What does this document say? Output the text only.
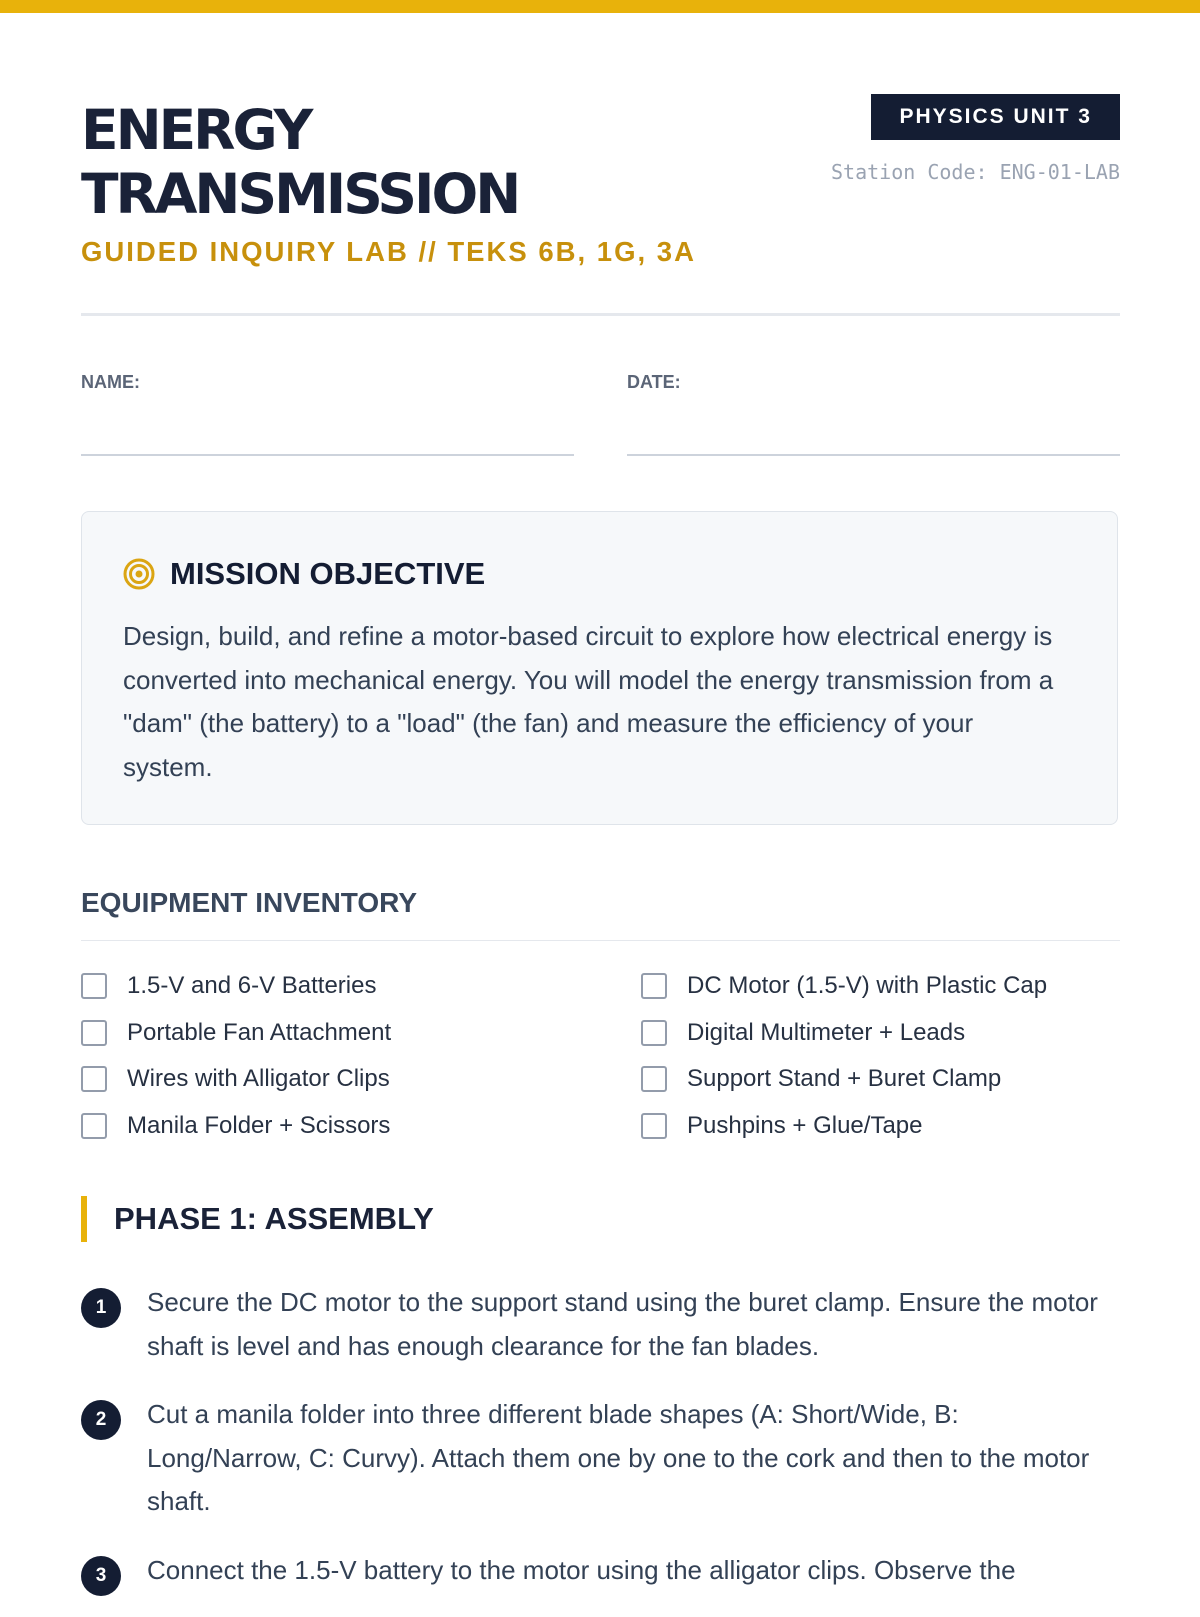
ENERGY
TRANSMISSION
GUIDED INQUIRY LAB // TEKS 6B, 1G, 3A
PHYSICS UNIT 3
Station Code: ENG-01-LAB
NAME:	DATE:
MISSION OBJECTIVE

Design, build, and refine a motor-based circuit to explore how electrical energy is converted into mechanical energy. You will model the energy transmission from a "dam" (the battery) to a "load" (the fan) and measure the efficiency of your system.

EQUIPMENT INVENTORY
1.5-V and 6-V Batteries
Portable Fan Attachment
Wires with Alligator Clips
Manila Folder + Scissors
DC Motor (1.5-V) with Plastic Cap
Digital Multimeter + Leads
Support Stand + Buret Clamp
Pushpins + Glue/Tape
PHASE 1: ASSEMBLY
1	Secure the DC motor to the support stand using the buret clamp. Ensure the motor shaft is level and has enough clearance for the fan blades.
2	Cut a manila folder into three different blade shapes (A: Short/Wide, B: Long/Narrow, C: Curvy). Attach them one by one to the cork and then to the motor shaft.
3	Connect the 1.5-V battery to the motor using the alligator clips. Observe the
